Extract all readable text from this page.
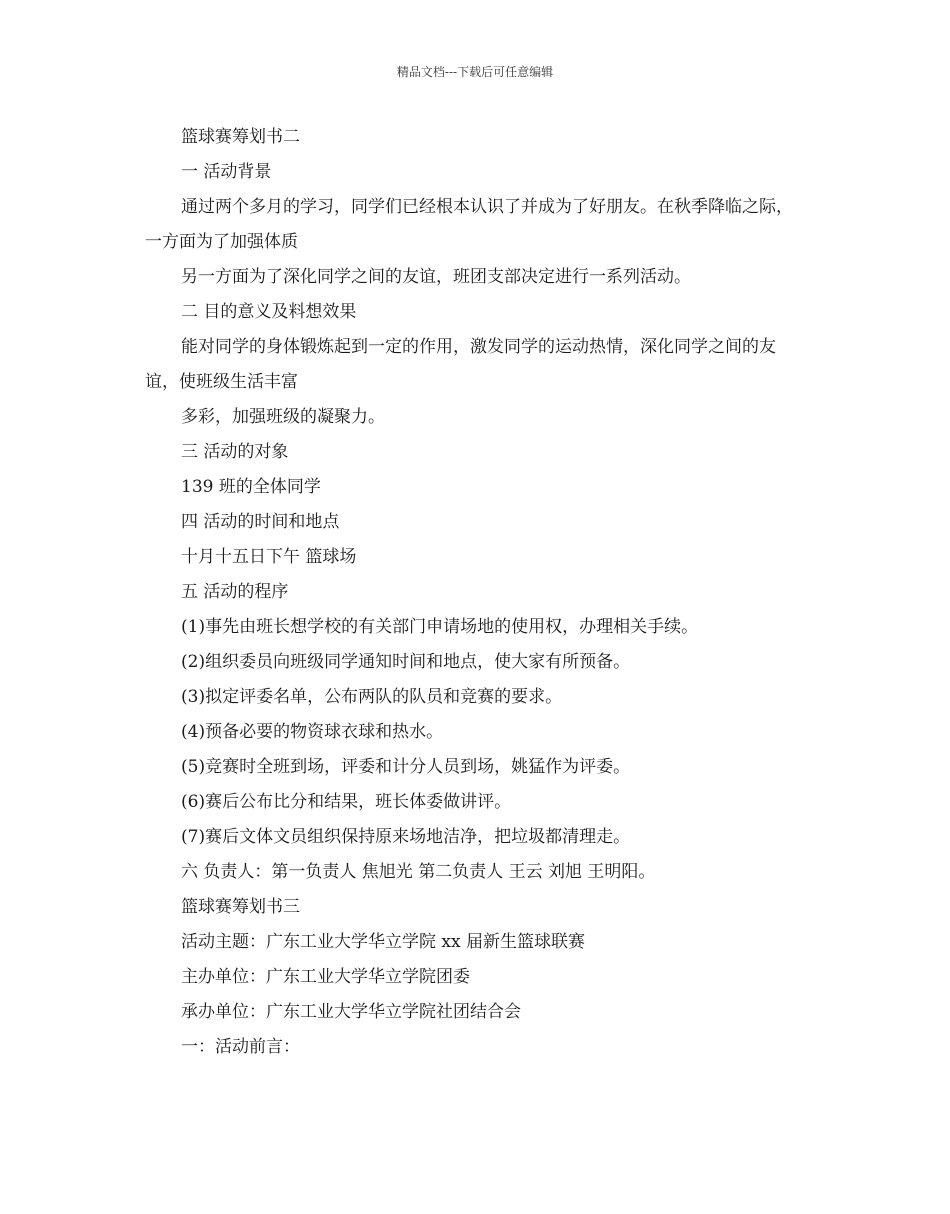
精品文档---下载后可任意编辑

篮球赛筹划书二

一 活动背景

通过两个多月的学习，同学们已经根本认识了并成为了好朋友。在秋季降临之际，一方面为了加强体质

另一方面为了深化同学之间的友谊，班团支部决定进行一系列活动。

二 目的意义及料想效果

能对同学的身体锻炼起到一定的作用，激发同学的运动热情，深化同学之间的友谊，使班级生活丰富

多彩，加强班级的凝聚力。

三 活动的对象

139 班的全体同学

四 活动的时间和地点

十月十五日下午 篮球场

五 活动的程序

(1)事先由班长想学校的有关部门申请场地的使用权，办理相关手续。

(2)组织委员向班级同学通知时间和地点，使大家有所预备。

(3)拟定评委名单，公布两队的队员和竞赛的要求。

(4)预备必要的物资球衣球和热水。

(5)竞赛时全班到场，评委和计分人员到场，姚猛作为评委。

(6)赛后公布比分和结果，班长体委做讲评。

(7)赛后文体文员组织保持原来场地洁净，把垃圾都清理走。

六 负责人：第一负责人 焦旭光 第二负责人 王云 刘旭 王明阳。

篮球赛筹划书三

活动主题：广东工业大学华立学院 xx 届新生篮球联赛

主办单位：广东工业大学华立学院团委

承办单位：广东工业大学华立学院社团结合会

一：活动前言：
